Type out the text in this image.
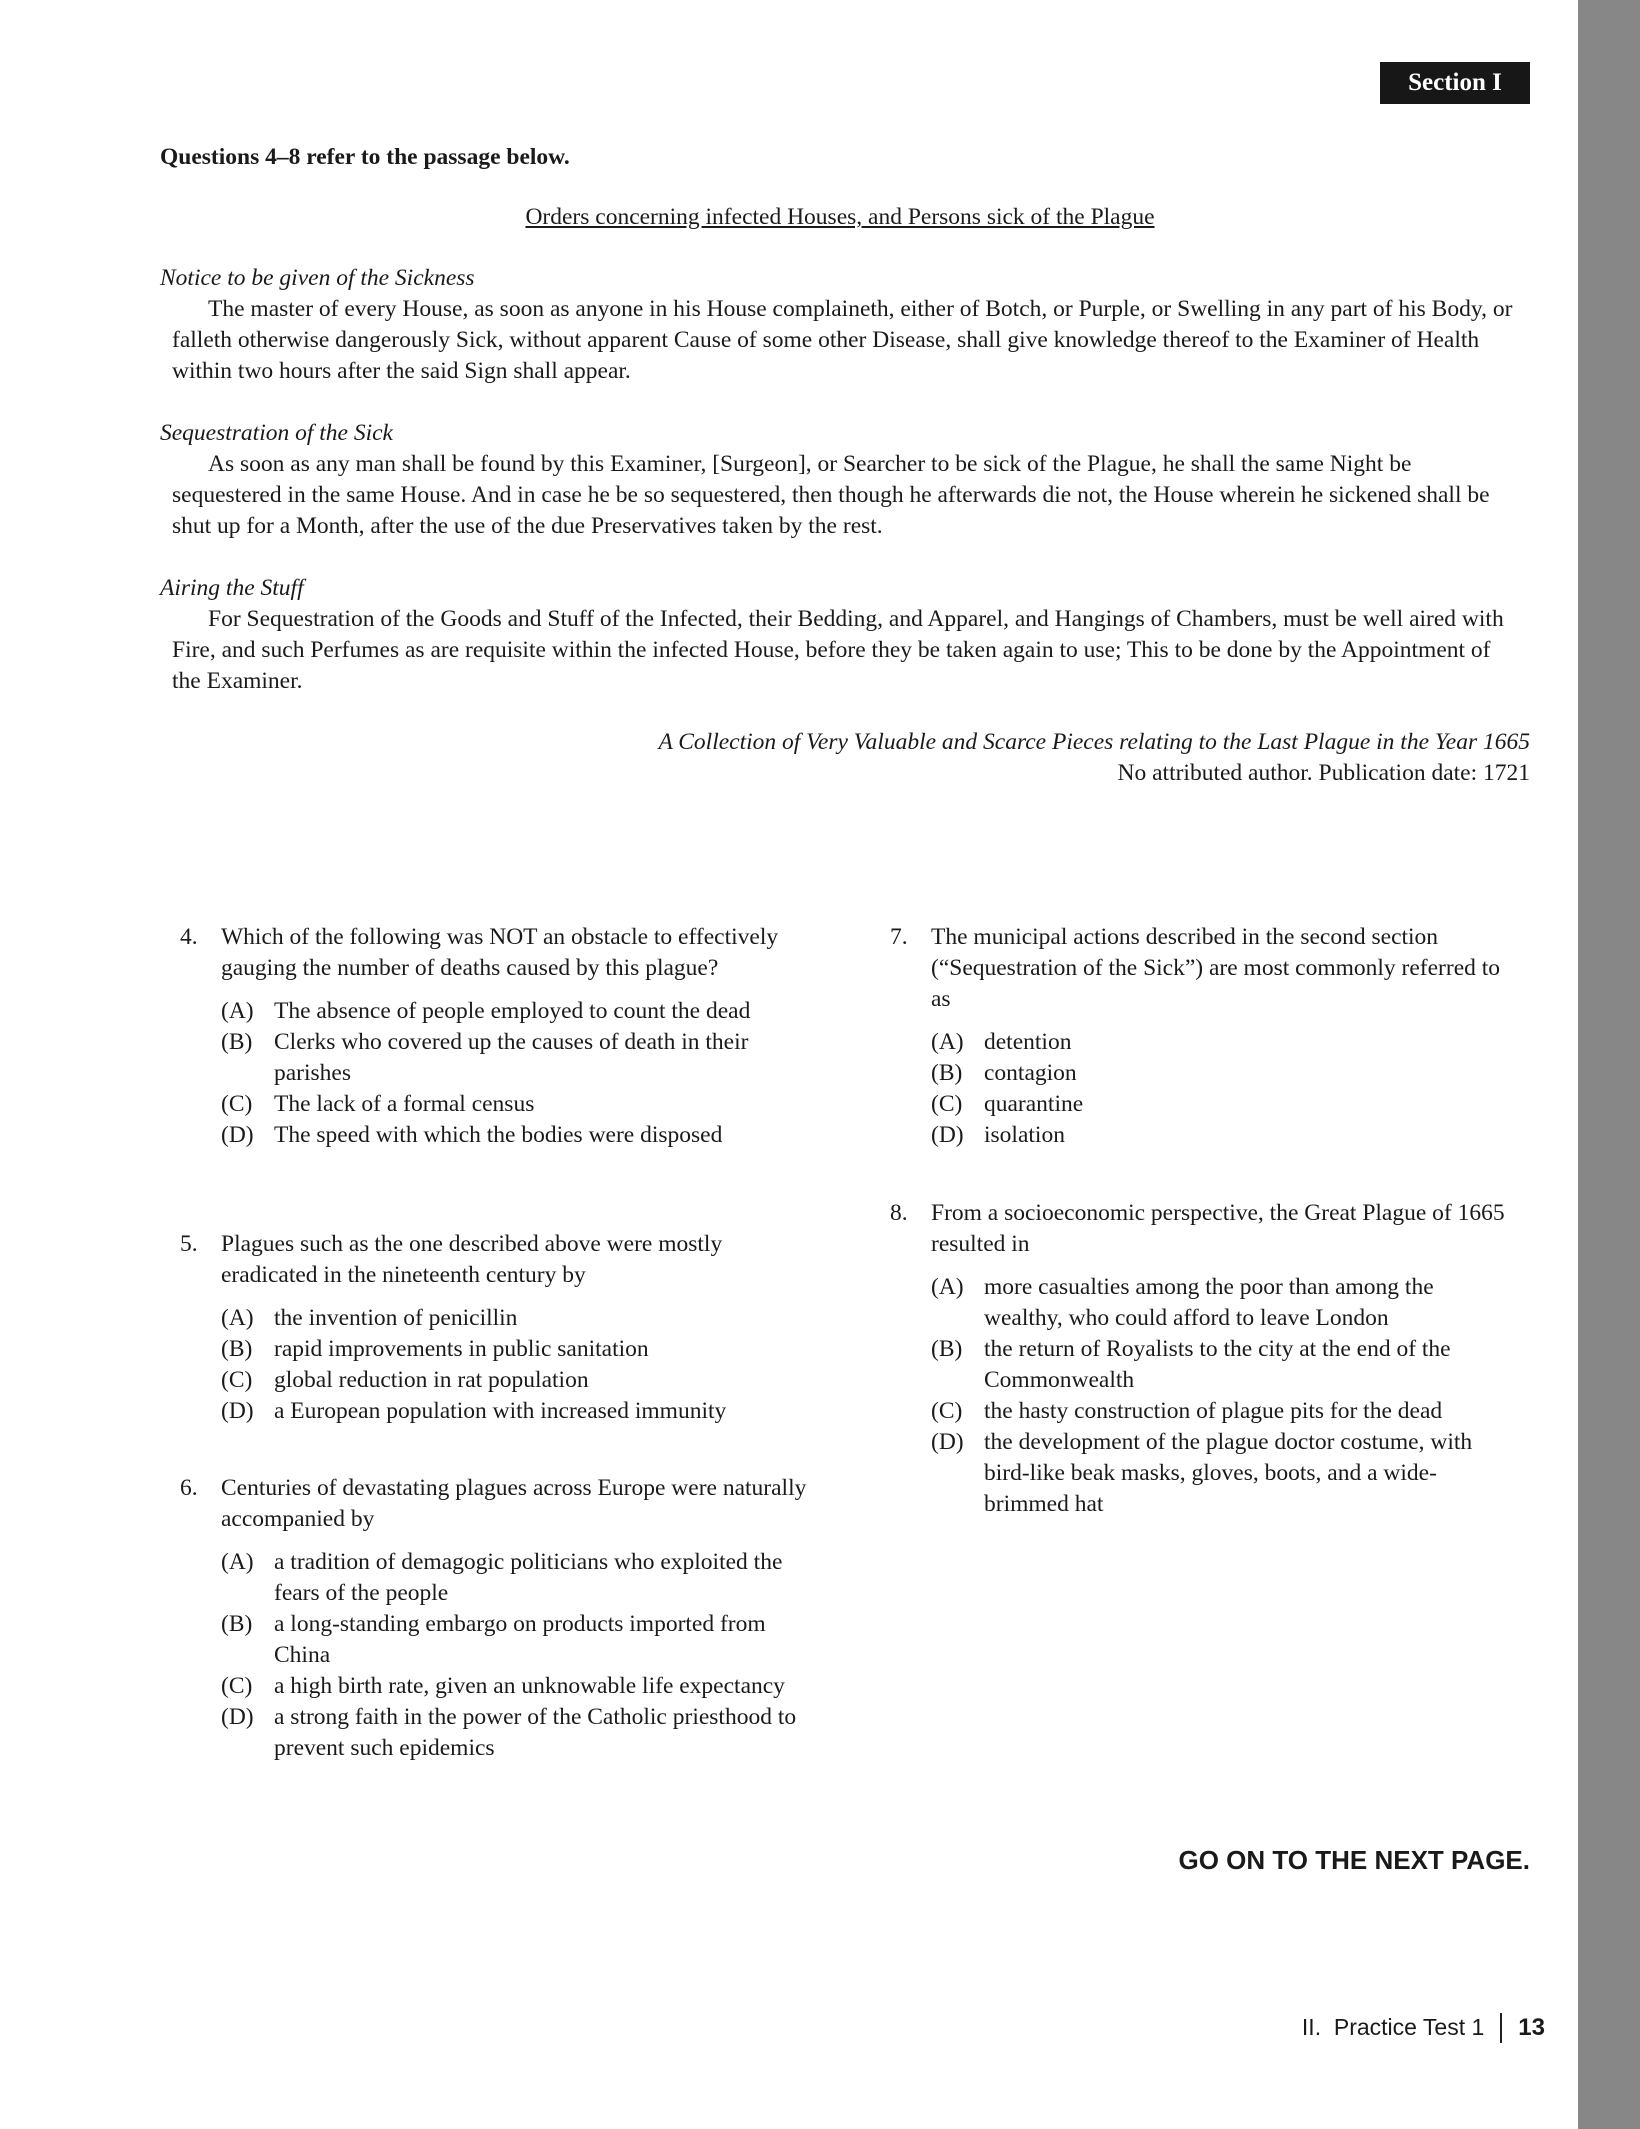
Section I
Questions 4–8 refer to the passage below.
Orders concerning infected Houses, and Persons sick of the Plague
Notice to be given of the Sickness
The master of every House, as soon as anyone in his House complaineth, either of Botch, or Purple, or Swelling in any part of his Body, or falleth otherwise dangerously Sick, without apparent Cause of some other Disease, shall give knowledge thereof to the Examiner of Health within two hours after the said Sign shall appear.
Sequestration of the Sick
As soon as any man shall be found by this Examiner, [Surgeon], or Searcher to be sick of the Plague, he shall the same Night be sequestered in the same House. And in case he be so sequestered, then though he afterwards die not, the House wherein he sickened shall be shut up for a Month, after the use of the due Preservatives taken by the rest.
Airing the Stuff
For Sequestration of the Goods and Stuff of the Infected, their Bedding, and Apparel, and Hangings of Chambers, must be well aired with Fire, and such Perfumes as are requisite within the infected House, before they be taken again to use; This to be done by the Appointment of the Examiner.
A Collection of Very Valuable and Scarce Pieces relating to the Last Plague in the Year 1665
No attributed author. Publication date: 1721
4. Which of the following was NOT an obstacle to effectively gauging the number of deaths caused by this plague?
(A) The absence of people employed to count the dead
(B) Clerks who covered up the causes of death in their parishes
(C) The lack of a formal census
(D) The speed with which the bodies were disposed
5. Plagues such as the one described above were mostly eradicated in the nineteenth century by
(A) the invention of penicillin
(B) rapid improvements in public sanitation
(C) global reduction in rat population
(D) a European population with increased immunity
6. Centuries of devastating plagues across Europe were naturally accompanied by
(A) a tradition of demagogic politicians who exploited the fears of the people
(B) a long-standing embargo on products imported from China
(C) a high birth rate, given an unknowable life expectancy
(D) a strong faith in the power of the Catholic priesthood to prevent such epidemics
7. The municipal actions described in the second section (“Sequestration of the Sick”) are most commonly referred to as
(A) detention
(B) contagion
(C) quarantine
(D) isolation
8. From a socioeconomic perspective, the Great Plague of 1665 resulted in
(A) more casualties among the poor than among the wealthy, who could afford to leave London
(B) the return of Royalists to the city at the end of the Commonwealth
(C) the hasty construction of plague pits for the dead
(D) the development of the plague doctor costume, with bird-like beak masks, gloves, boots, and a wide-brimmed hat
GO ON TO THE NEXT PAGE.
II.  Practice Test 1 13
